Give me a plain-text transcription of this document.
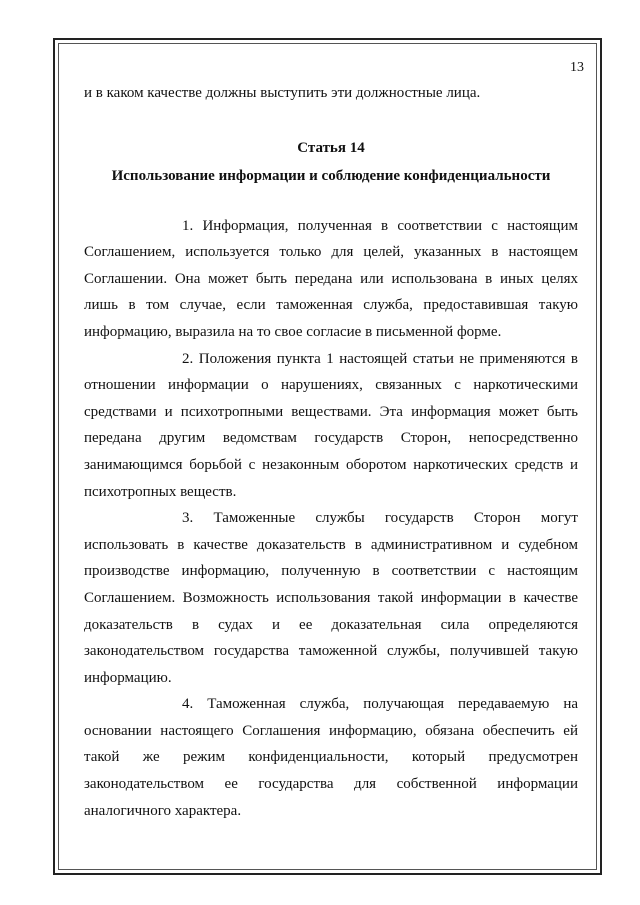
13

и в каком качестве должны выступить эти должностные лица.

Статья 14

Использование информации и соблюдение конфиденциальности

1. Информация, полученная в соответствии с настоящим Соглашением, используется только для целей, указанных в настоящем Соглашении. Она может быть передана или использована в иных целях лишь в том случае, если таможенная служба, предоставившая такую информацию, выразила на то свое согласие в письменной форме.

2. Положения пункта 1 настоящей статьи не применяются в отношении информации о нарушениях, связанных с наркотическими средствами и психотропными веществами. Эта информация может быть передана другим ведомствам государств Сторон, непосредственно занимающимся борьбой с незаконным оборотом наркотических средств и психотропных веществ.

3. Таможенные службы государств Сторон могут использовать в качестве доказательств в административном и судебном производстве информацию, полученную в соответствии с настоящим Соглашением. Возможность использования такой информации в качестве доказательств в судах и ее доказательная сила определяются законодательством государства таможенной службы, получившей такую информацию.

4. Таможенная служба, получающая передаваемую на основании настоящего Соглашения информацию, обязана обеспечить ей такой же режим конфиденциальности, который предусмотрен законодательством ее государства для собственной информации аналогичного характера.
